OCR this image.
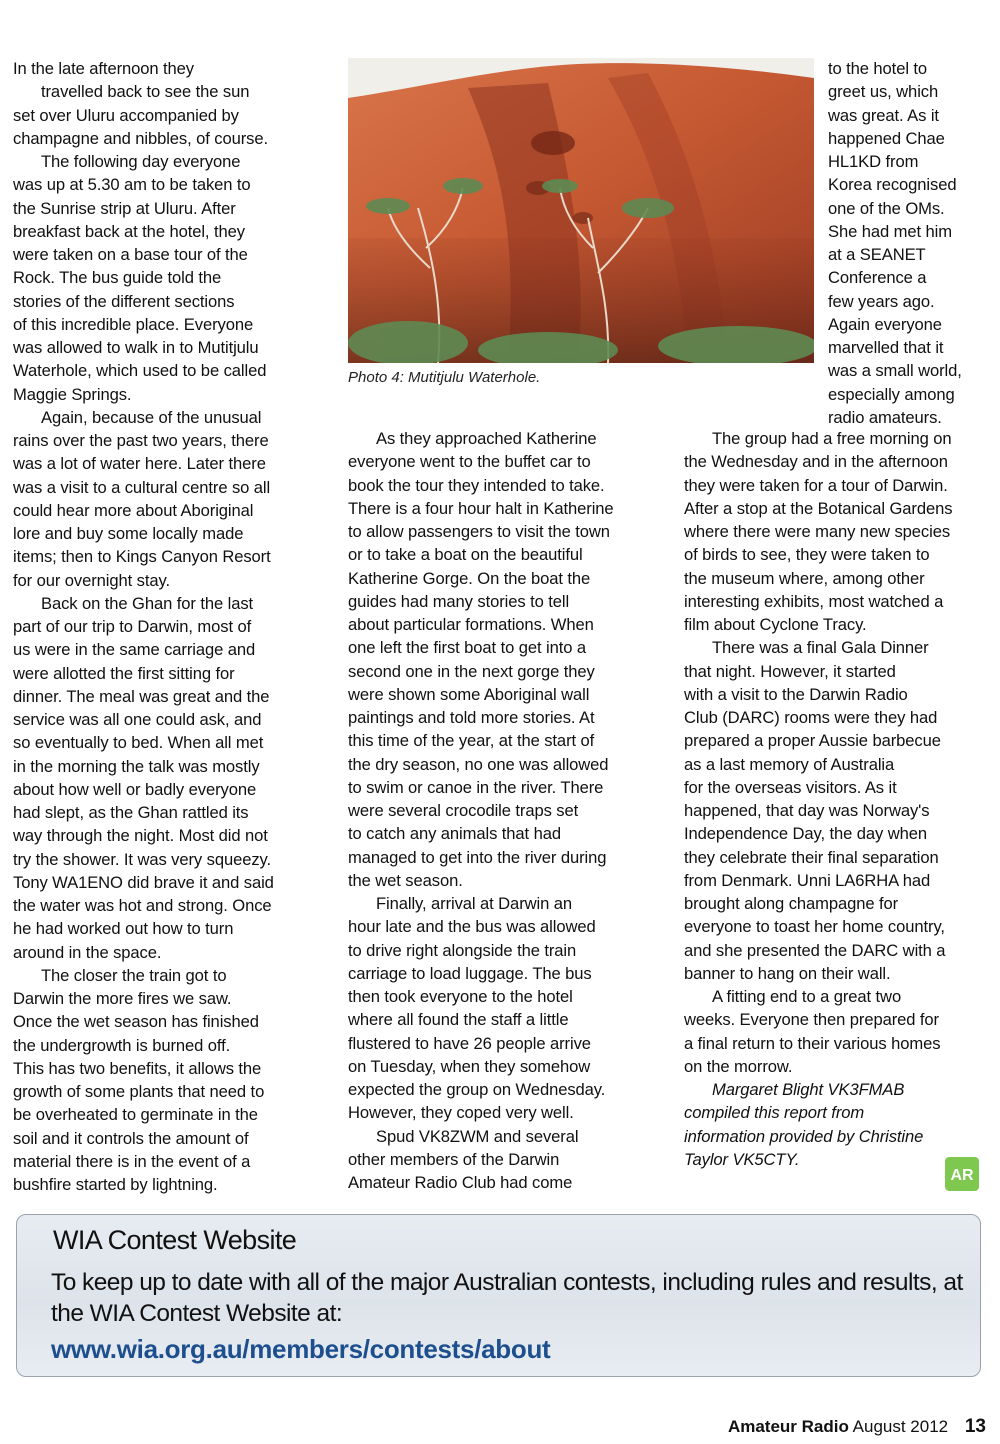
In the late afternoon they
travelled back to see the sun
set over Uluru accompanied by
champagne and nibbles, of course.
The following day everyone
was up at 5.30 am to be taken to
the Sunrise strip at Uluru. After
breakfast back at the hotel, they
were taken on a base tour of the
Rock. The bus guide told the
stories of the different sections
of this incredible place. Everyone
was allowed to walk in to Mutitjulu
Waterhole, which used to be called
Maggie Springs.
Again, because of the unusual
rains over the past two years, there
was a lot of water here. Later there
was a visit to a cultural centre so all
could hear more about Aboriginal
lore and buy some locally made
items; then to Kings Canyon Resort
for our overnight stay.
Back on the Ghan for the last
part of our trip to Darwin, most of
us were in the same carriage and
were allotted the first sitting for
dinner. The meal was great and the
service was all one could ask, and
so eventually to bed. When all met
in the morning the talk was mostly
about how well or badly everyone
had slept, as the Ghan rattled its
way through the night. Most did not
try the shower. It was very squeezy.
Tony WA1ENO did brave it and said
the water was hot and strong. Once
he had worked out how to turn
around in the space.
The closer the train got to
Darwin the more fires we saw.
Once the wet season has finished
the undergrowth is burned off.
This has two benefits, it allows the
growth of some plants that need to
be overheated to germinate in the
soil and it controls the amount of
material there is in the event of a
bushfire started by lightning.
Photo 4: Mutitjulu Waterhole.
to the hotel to
greet us, which
was great. As it
happened Chae
HL1KD from
Korea recognised
one of the OMs.
She had met him
at a SEANET
Conference a
few years ago.
Again everyone
marvelled that it
was a small world,
especially among
radio amateurs.
As they approached Katherine
everyone went to the buffet car to
book the tour they intended to take.
There is a four hour halt in Katherine
to allow passengers to visit the town
or to take a boat on the beautiful
Katherine Gorge. On the boat the
guides had many stories to tell
about particular formations. When
one left the first boat to get into a
second one in the next gorge they
were shown some Aboriginal wall
paintings and told more stories. At
this time of the year, at the start of
the dry season, no one was allowed
to swim or canoe in the river. There
were several crocodile traps set
to catch any animals that had
managed to get into the river during
the wet season.
Finally, arrival at Darwin an
hour late and the bus was allowed
to drive right alongside the train
carriage to load luggage. The bus
then took everyone to the hotel
where all found the staff a little
flustered to have 26 people arrive
on Tuesday, when they somehow
expected the group on Wednesday.
However, they coped very well.
Spud VK8ZWM and several
other members of the Darwin
Amateur Radio Club had come
The group had a free morning on
the Wednesday and in the afternoon
they were taken for a tour of Darwin.
After a stop at the Botanical Gardens
where there were many new species
of birds to see, they were taken to
the museum where, among other
interesting exhibits, most watched a
film about Cyclone Tracy.
There was a final Gala Dinner
that night. However, it started
with a visit to the Darwin Radio
Club (DARC) rooms were they had
prepared a proper Aussie barbecue
as a last memory of Australia
for the overseas visitors. As it
happened, that day was Norway's
Independence Day, the day when
they celebrate their final separation
from Denmark. Unni LA6RHA had
brought along champagne for
everyone to toast her home country,
and she presented the DARC with a
banner to hang on their wall.
A fitting end to a great two
weeks. Everyone then prepared for
a final return to their various homes
on the morrow.
Margaret Blight VK3FMAB
compiled this report from
information provided by Christine
Taylor VK5CTY.
AR
WIA Contest Website
To keep up to date with all of the major Australian contests, including rules and results, at
the WIA Contest Website at:
www.wia.org.au/members/contests/about
Amateur Radio August 2012 13
